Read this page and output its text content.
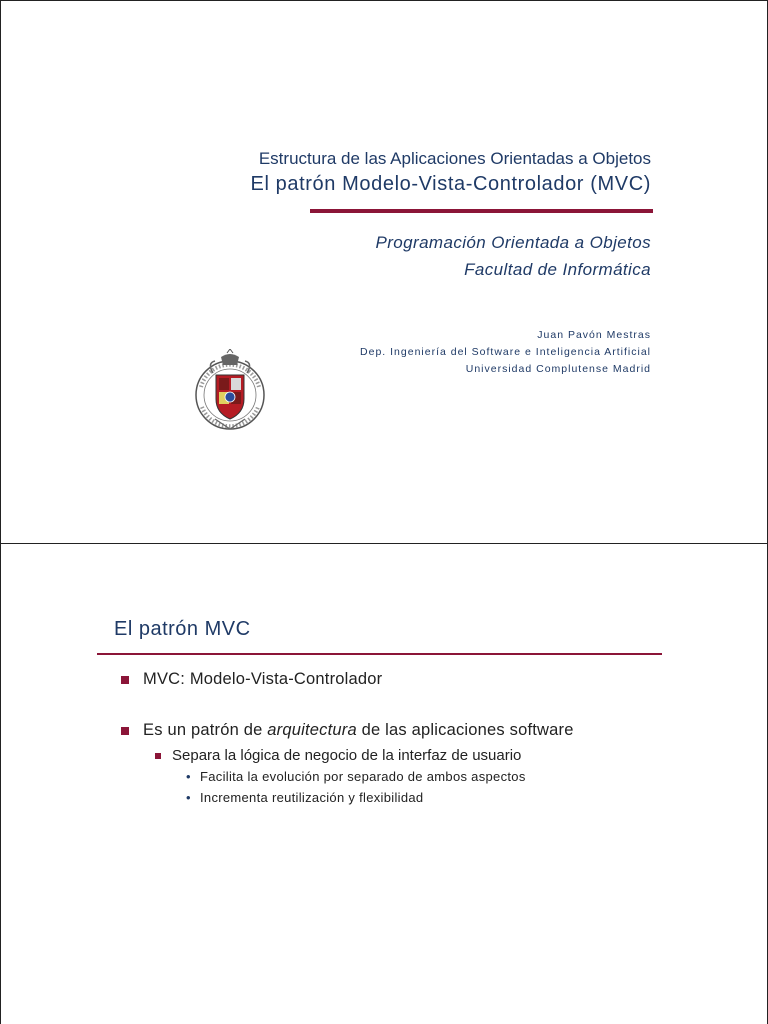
Estructura de las Aplicaciones Orientadas a Objetos
El patrón Modelo-Vista-Controlador (MVC)
Programación Orientada a Objetos
Facultad de Informática
Juan Pavón Mestras
Dep. Ingeniería del Software e Inteligencia Artificial
Universidad Complutense Madrid
El patrón MVC
MVC: Modelo-Vista-Controlador
Es un patrón de arquitectura de las aplicaciones software
Separa la lógica de negocio de la interfaz de usuario
• Facilita la evolución por separado de ambos aspectos
• Incrementa reutilización y flexibilidad
